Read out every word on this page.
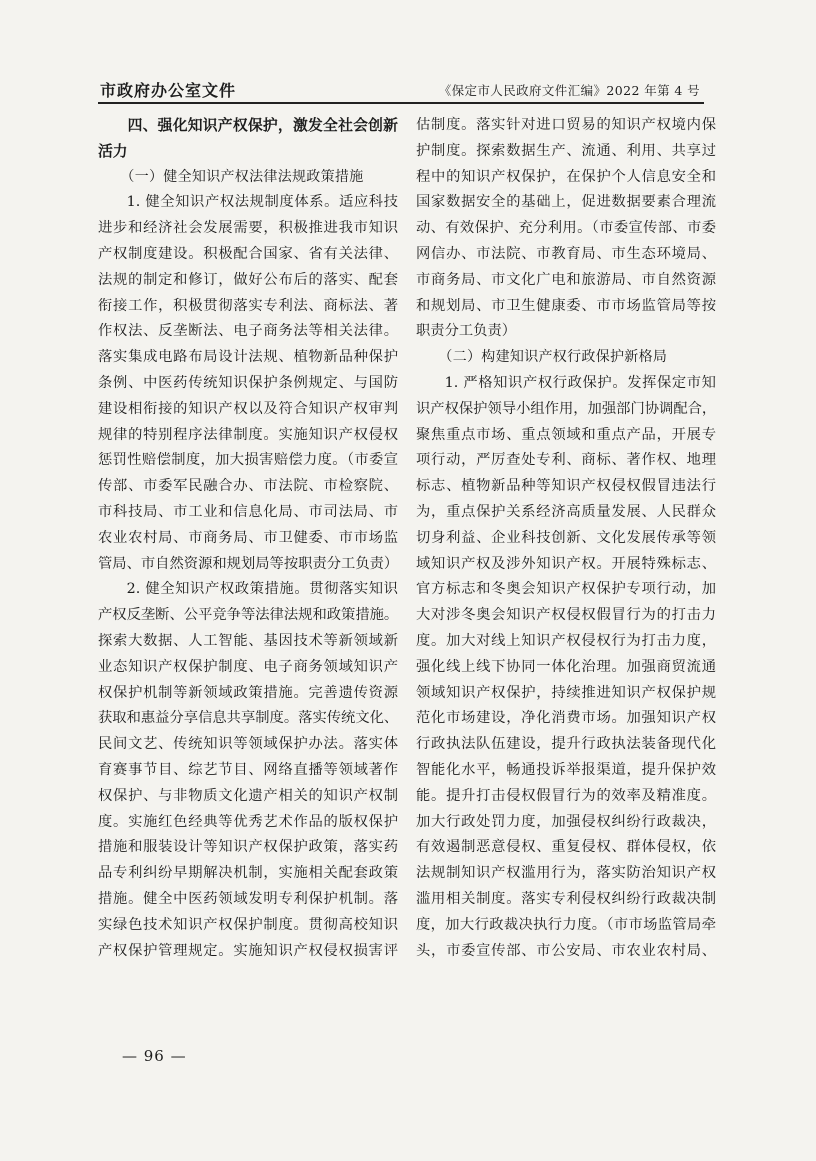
市政府办公室文件	《保定市人民政府文件汇编》2022 年第 4 号
四、强化知识产权保护，激发全社会创新
活力
（一）健全知识产权法律法规政策措施
1. 健全知识产权法规制度体系。适应科技
进步和经济社会发展需要，积极推进我市知识
产权制度建设。积极配合国家、省有关法律、
法规的制定和修订，做好公布后的落实、配套
衔接工作，积极贯彻落实专利法、商标法、著
作权法、反垄断法、电子商务法等相关法律。
落实集成电路布局设计法规、植物新品种保护
条例、中医药传统知识保护条例规定、与国防
建设相衔接的知识产权以及符合知识产权审判
规律的特别程序法律制度。实施知识产权侵权
惩罚性赔偿制度，加大损害赔偿力度。（市委宣
传部、市委军民融合办、市法院、市检察院、
市科技局、市工业和信息化局、市司法局、市
农业农村局、市商务局、市卫健委、市市场监
管局、市自然资源和规划局等按职责分工负责）
2. 健全知识产权政策措施。贯彻落实知识
产权反垄断、公平竞争等法律法规和政策措施。
探索大数据、人工智能、基因技术等新领域新
业态知识产权保护制度、电子商务领域知识产
权保护机制等新领域政策措施。完善遗传资源
获取和惠益分享信息共享制度。落实传统文化、
民间文艺、传统知识等领域保护办法。落实体
育赛事节目、综艺节目、网络直播等领域著作
权保护、与非物质文化遗产相关的知识产权制
度。实施红色经典等优秀艺术作品的版权保护
措施和服装设计等知识产权保护政策，落实药
品专利纠纷早期解决机制，实施相关配套政策
措施。健全中医药领域发明专利保护机制。落
实绿色技术知识产权保护制度。贯彻高校知识
产权保护管理规定。实施知识产权侵权损害评
估制度。落实针对进口贸易的知识产权境内保
护制度。探索数据生产、流通、利用、共享过
程中的知识产权保护，在保护个人信息安全和
国家数据安全的基础上，促进数据要素合理流
动、有效保护、充分利用。（市委宣传部、市委
网信办、市法院、市教育局、市生态环境局、
市商务局、市文化广电和旅游局、市自然资源
和规划局、市卫生健康委、市市场监管局等按
职责分工负责）
（二）构建知识产权行政保护新格局
1. 严格知识产权行政保护。发挥保定市知
识产权保护领导小组作用，加强部门协调配合，
聚焦重点市场、重点领域和重点产品，开展专
项行动，严厉查处专利、商标、著作权、地理
标志、植物新品种等知识产权侵权假冒违法行
为，重点保护关系经济高质量发展、人民群众
切身利益、企业科技创新、文化发展传承等领
域知识产权及涉外知识产权。开展特殊标志、
官方标志和冬奥会知识产权保护专项行动，加
大对涉冬奥会知识产权侵权假冒行为的打击力
度。加大对线上知识产权侵权行为打击力度，
强化线上线下协同一体化治理。加强商贸流通
领域知识产权保护，持续推进知识产权保护规
范化市场建设，净化消费市场。加强知识产权
行政执法队伍建设，提升行政执法装备现代化
智能化水平，畅通投诉举报渠道，提升保护效
能。提升打击侵权假冒行为的效率及精准度。
加大行政处罚力度，加强侵权纠纷行政裁决，
有效遏制恶意侵权、重复侵权、群体侵权，依
法规制知识产权滥用行为，落实防治知识产权
滥用相关制度。落实专利侵权纠纷行政裁决制
度，加大行政裁决执行力度。（市市场监管局牵
头，市委宣传部、市公安局、市农业农村局、
— 96 —
